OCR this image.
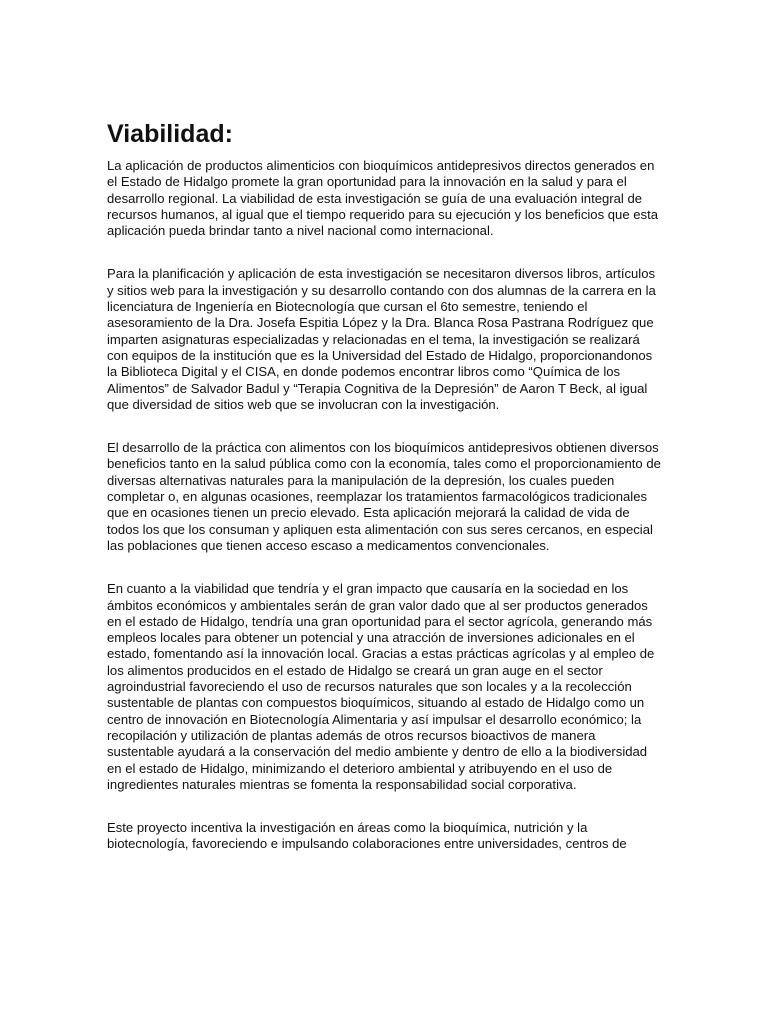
Viabilidad:

La aplicación de productos alimenticios con bioquímicos antidepresivos directos generados en el Estado de Hidalgo promete la gran oportunidad para la innovación en la salud y para el desarrollo regional. La viabilidad de esta investigación se guía de una evaluación integral de recursos humanos, al igual que el tiempo requerido para su ejecución y los beneficios que esta aplicación pueda brindar tanto a nivel nacional como internacional.

Para la planificación y aplicación de esta investigación se necesitaron diversos libros, artículos y sitios web para la investigación y su desarrollo contando con dos alumnas de la carrera en la licenciatura de Ingeniería en Biotecnología que cursan el 6to semestre, teniendo el asesoramiento de la Dra. Josefa Espitia López y la Dra. Blanca Rosa Pastrana Rodríguez que imparten asignaturas especializadas y relacionadas en el tema, la investigación se realizará con equipos de la institución que es la Universidad del Estado de Hidalgo, proporcionandonos la Biblioteca Digital y el CISA, en donde podemos encontrar libros como “Química de los Alimentos” de Salvador Badul y “Terapia Cognitiva de la Depresión” de Aaron T Beck, al igual que diversidad de sitios web que se involucran con la investigación.

El desarrollo de la práctica con alimentos con los bioquímicos antidepresivos obtienen diversos beneficios tanto en la salud pública como con la economía, tales como el proporcionamiento de diversas alternativas naturales para la manipulación de la depresión, los cuales pueden completar o, en algunas ocasiones, reemplazar los tratamientos farmacológicos tradicionales que en ocasiones tienen un precio elevado. Esta aplicación mejorará la calidad de vida de todos los que los consuman y apliquen esta alimentación con sus seres cercanos, en especial las poblaciones que tienen acceso escaso a medicamentos convencionales.

En cuanto a la viabilidad que tendría y el gran impacto que causaría en la sociedad en los ámbitos económicos y ambientales serán de gran valor dado que al ser productos generados en el estado de Hidalgo, tendría una gran oportunidad para el sector agrícola, generando más empleos locales para obtener un potencial y una atracción de inversiones adicionales en el estado, fomentando así la innovación local. Gracias a estas prácticas agrícolas y al empleo de los alimentos producidos en el estado de Hidalgo se creará un gran auge en el sector agroindustrial favoreciendo el uso de recursos naturales que son locales y a la recolección sustentable de plantas con compuestos bioquímicos, situando al estado de Hidalgo como un centro de innovación en Biotecnología Alimentaria y así impulsar el desarrollo económico; la recopilación y utilización de plantas además de otros recursos bioactivos de manera sustentable ayudará a la conservación del medio ambiente y dentro de ello a la biodiversidad en el estado de Hidalgo, minimizando el deterioro ambiental y atribuyendo en el uso de ingredientes naturales mientras se fomenta la responsabilidad social corporativa.

Este proyecto incentiva la investigación en áreas como la bioquímica, nutrición y la biotecnología, favoreciendo e impulsando colaboraciones entre universidades, centros de
